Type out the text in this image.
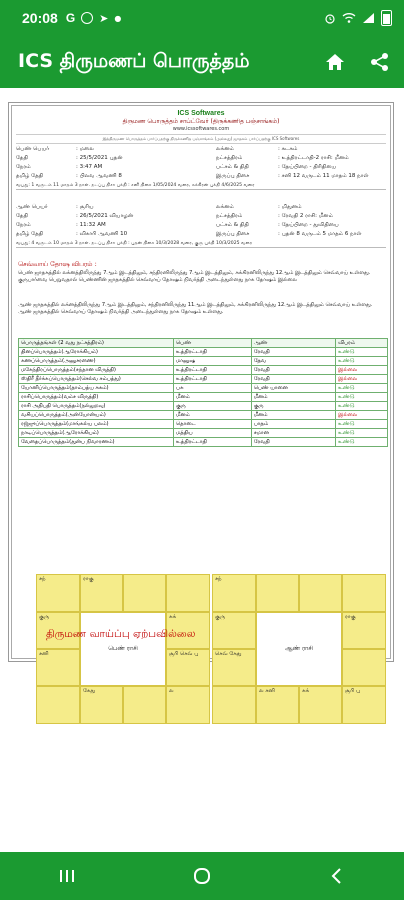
20:08 G ➤ ●
ICS திருமணப் பொருத்தம்
ICS Softwares
திருமண பொருத்தம் சாப்ட்வேர் (திருக்கணித பஞ்சாங்கம்)
www.icssoftwares.com
இத்திருமண பொருத்தம் பார்ப்பதற்கு திருக்கணித பஞ்சாங்கம் (அல்லது) ஜாதகம் பார்ப்பதற்கு ICS Softwares
பெண் பெயர்	: மலை	லக்னம்	: கடகம்
தேதி	: 25/5/2021 புதன்	நட்சத்திரம்	: உத்திரட்டாதி-2 ராசி: மீனம்
நேரம்	: 3:47 AM	பட்சம் & திதி	: தேய்பிறை - திரிதியை
தமிழ் தேதி	: பிலவ ஆவணி 8	இருப்பு திசை	: சனி 12 வருடம் 11 மாதம் 18 நாள்
வயது: 1 வருடம் 11 மாதம் 3 நாள். நடப்பு திசா புக்தி : சனி திசை 1/05/2024 வரை, சுக்கிரன் புக்தி 4/6/2025 வரை
ஆண் பெயர்	: சூரிய	லக்னம்	: மிதுனம்
தேதி	: 26/5/2021 வியாழன்	நட்சத்திரம்	: ரேவதி 2 ராசி: மீனம்
நேரம்	: 11:32 AM	பட்சம் & திதி	: தேய்பிறை - துவிதியை
தமிழ் தேதி	: விகாரி ஆவணி 10	இருப்பு திசை	: புதன் 8 வருடம் 5 மாதம் 6 நாள்
வயது: 4 வருடம் 10 மாதம் 3 நாள். நடப்பு திசா புக்தி : புதன் திசை 10/3/2028 வரை, குரு புக்தி 10/3/2025 வரை
செவ்வாய் தோஷ விபரம் :
பெண் ஜாதகத்தில் லக்னத்திலிருந்து 7ஆம் இடத்திலும், சந்திரனிலிருந்து 7ஆம் இடத்திலும், சுக்கிரனிலிருந்து 12ஆம் இடத்திலும் செவ்வாய் உள்ளது. குருபார்வை பெறுவதால் பெண்ணின் ஜாதகத்தில் செவ்வாய் தோஷம் நிவர்த்தி அடைந்துள்ளது நாக தோஷம் இல்லை
ஆண் ஜாதகத்தில் லக்னத்திலிருந்து 7ஆம் இடத்திலும், சந்திரனிலிருந்து 11ஆம் இடத்திலும், சுக்கிரனிலிருந்து 12ஆம் இடத்திலும் செவ்வாய் உள்ளது. ஆண் ஜாதகத்தில் செவ்வாய் தோஷம் நிவர்த்தி அடைந்துள்ளது நாக தோஷம் உள்ளது.
பொருத்தங்கள் (2 வது நட்சத்திரம்)	பெண்	ஆண்	விபரம்
தினப்பொருத்தம்(ஆரோக்கியம்)	உத்திரட்டாதி	ரேவதி	உண்டு
கணப்பொருத்தம்(அனுசரணை)	மானுஷ	தேவ	உண்டு
மகேந்திரப்பொருத்தம்(சந்தான விருத்தி)	உத்திரட்டாதி	ரேவதி	இல்லை
ஸ்திரீ தீர்க்கப்பொருத்தம்(செல்வ சம்பத்து)	உத்திரட்டாதி	ரேவதி	இல்லை
யோனிப்பொருத்தம்(தாம்பத்ய சுகம்)	பசு	பெண் யானை	உண்டு
ராசிப்பொருத்தம்(வம்ச விருத்தி)	மீனம்	மீனம்	உண்டு
ராசி அதிபதி பொருத்தம்(நல்லுறவு)	குரு	குரு	உண்டு
வசியப்பொருத்தம்(அன்யோன்யம்)	மீனம்	மீனம்	இல்லை
ரஜ்ஜுப்பொருத்தம்(மாங்கல்ய பலம்)	தொடை	பாதம்	உண்டு
நாடிப்பொருத்தம்(ஆரோக்கியம்)	மத்திய	சமான	உண்டு
வேதைப்பொருத்தம்(துன்ப நிவாரணம்)	உத்திரட்டாதி	ரேவதி	உண்டு
சந்	ராகு
குரு	சுக்
சனி	சூரி செவ் பு
கேது	ல
பெண் ராசி
சந்
குரு	ராகு
செவ் கேது
ல சனி	சுக்	சூரி பு
ஆண் ராசி
திருமண வாய்ப்பு ஏற்பவில்லை
